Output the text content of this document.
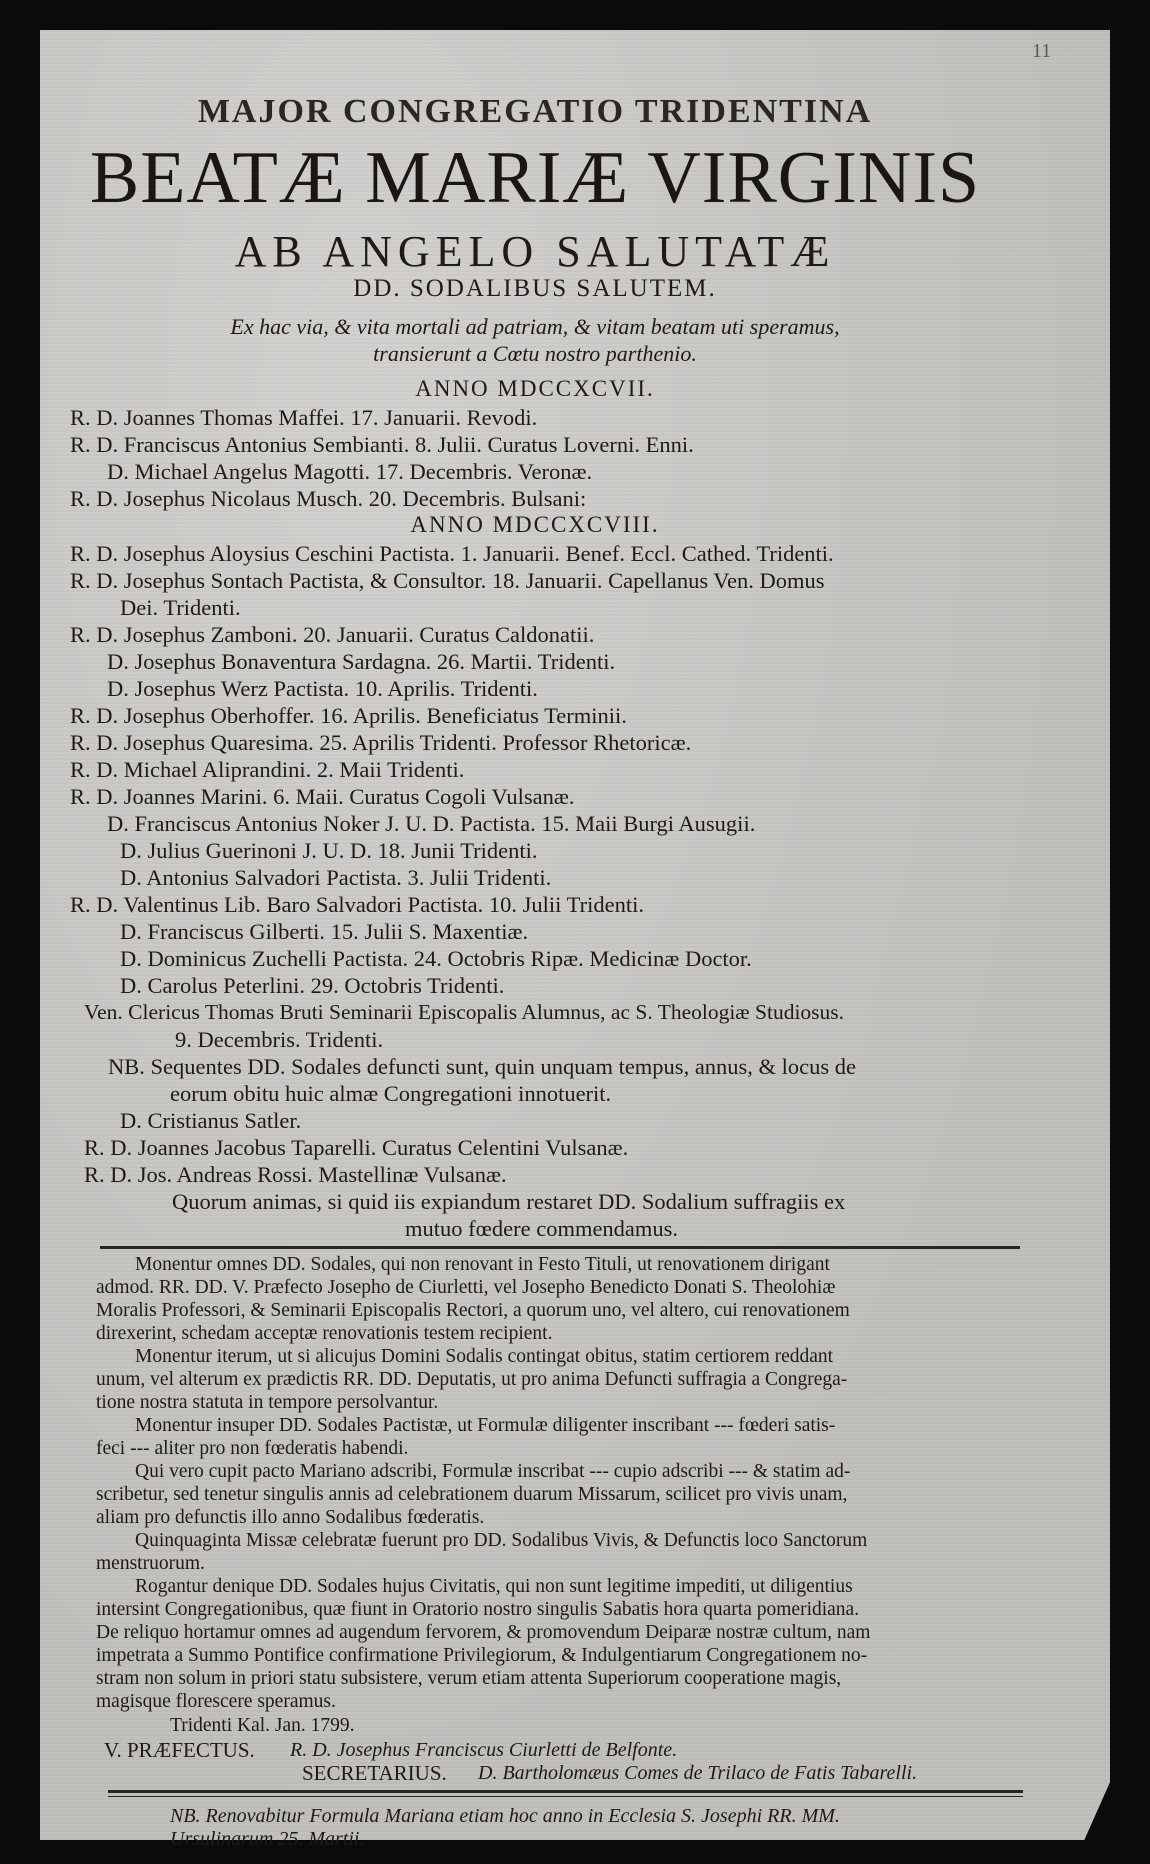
11
MAJOR CONGREGATIO TRIDENTINA
BEATÆ MARIÆ VIRGINIS
AB ANGELO SALUTATÆ
DD. SODALIBUS SALUTEM.
Ex hac via, & vita mortali ad patriam, & vitam beatam uti speramus,
transierunt a Cœtu nostro parthenio.
ANNO MDCCXCVII.
R. D. Joannes Thomas Maffei. 17. Januarii. Revodi.
R. D. Franciscus Antonius Sembianti. 8. Julii. Curatus Loverni. Enni.
D. Michael Angelus Magotti. 17. Decembris. Veronæ.
R. D. Josephus Nicolaus Musch. 20. Decembris. Bulsani:
ANNO MDCCXCVIII.
R. D. Josephus Aloysius Ceschini Pactista. 1. Januarii. Benef. Eccl. Cathed. Tridenti.
R. D. Josephus Sontach Pactista, & Consultor. 18. Januarii. Capellanus Ven. Domus
Dei. Tridenti.
R. D. Josephus Zamboni. 20. Januarii. Curatus Caldonatii.
D. Josephus Bonaventura Sardagna. 26. Martii. Tridenti.
D. Josephus Werz Pactista. 10. Aprilis. Tridenti.
R. D. Josephus Oberhoffer. 16. Aprilis. Beneficiatus Terminii.
R. D. Josephus Quaresima. 25. Aprilis Tridenti. Professor Rhetoricæ.
R. D. Michael Aliprandini. 2. Maii Tridenti.
R. D. Joannes Marini. 6. Maii. Curatus Cogoli Vulsanæ.
D. Franciscus Antonius Noker J. U. D. Pactista. 15. Maii Burgi Ausugii.
D. Julius Guerinoni J. U. D. 18. Junii Tridenti.
D. Antonius Salvadori Pactista. 3. Julii Tridenti.
R. D. Valentinus Lib. Baro Salvadori Pactista. 10. Julii Tridenti.
D. Franciscus Gilberti. 15. Julii S. Maxentiæ.
D. Dominicus Zuchelli Pactista. 24. Octobris Ripæ. Medicinæ Doctor.
D. Carolus Peterlini. 29. Octobris Tridenti.
Ven. Clericus Thomas Bruti Seminarii Episcopalis Alumnus, ac S. Theologiæ Studiosus.
9. Decembris. Tridenti.
NB. Sequentes DD. Sodales defuncti sunt, quin unquam tempus, annus, & locus de
eorum obitu huic almæ Congregationi innotuerit.
D. Cristianus Satler.
R. D. Joannes Jacobus Taparelli. Curatus Celentini Vulsanæ.
R. D. Jos. Andreas Rossi. Mastellinæ Vulsanæ.
Quorum animas, si quid iis expiandum restaret DD. Sodalium suffragiis ex
mutuo fœdere commendamus.
Monentur omnes DD. Sodales, qui non renovant in Festo Tituli, ut renovationem dirigant
admod. RR. DD. V. Præfecto Josepho de Ciurletti, vel Josepho Benedicto Donati S. Theolohiæ
Moralis Professori, & Seminarii Episcopalis Rectori, a quorum uno, vel altero, cui renovationem
direxerint, schedam acceptæ renovationis testem recipient.
Monentur iterum, ut si alicujus Domini Sodalis contingat obitus, statim certiorem reddant
unum, vel alterum ex prædictis RR. DD. Deputatis, ut pro anima Defuncti suffragia a Congrega-
tione nostra statuta in tempore persolvantur.
Monentur insuper DD. Sodales Pactistæ, ut Formulæ diligenter inscribant --- fœderi satis-
feci --- aliter pro non fœderatis habendi.
Qui vero cupit pacto Mariano adscribi, Formulæ inscribat --- cupio adscribi --- & statim ad-
scribetur, sed tenetur singulis annis ad celebrationem duarum Missarum, scilicet pro vivis unam,
aliam pro defunctis illo anno Sodalibus fœderatis.
Quinquaginta Missæ celebratæ fuerunt pro DD. Sodalibus Vivis, & Defunctis loco Sanctorum
menstruorum.
Rogantur denique DD. Sodales hujus Civitatis, qui non sunt legitime impediti, ut diligentius
intersint Congregationibus, quæ fiunt in Oratorio nostro singulis Sabatis hora quarta pomeridiana.
De reliquo hortamur omnes ad augendum fervorem, & promovendum Deiparæ nostræ cultum, nam
impetrata a Summo Pontifice confirmatione Privilegiorum, & Indulgentiarum Congregationem no-
stram non solum in priori statu subsistere, verum etiam attenta Superiorum cooperatione magis,
magisque florescere speramus.
Tridenti Kal. Jan. 1799.
V. PRÆFECTUS. R. D. Josephus Franciscus Ciurletti de Belfonte.
SECRETARIUS. D. Bartholomæus Comes de Trilaco de Fatis Tabarelli.
NB. Renovabitur Formula Mariana etiam hoc anno in Ecclesia S. Josephi RR. MM.
Ursulinarum 25. Martii.
